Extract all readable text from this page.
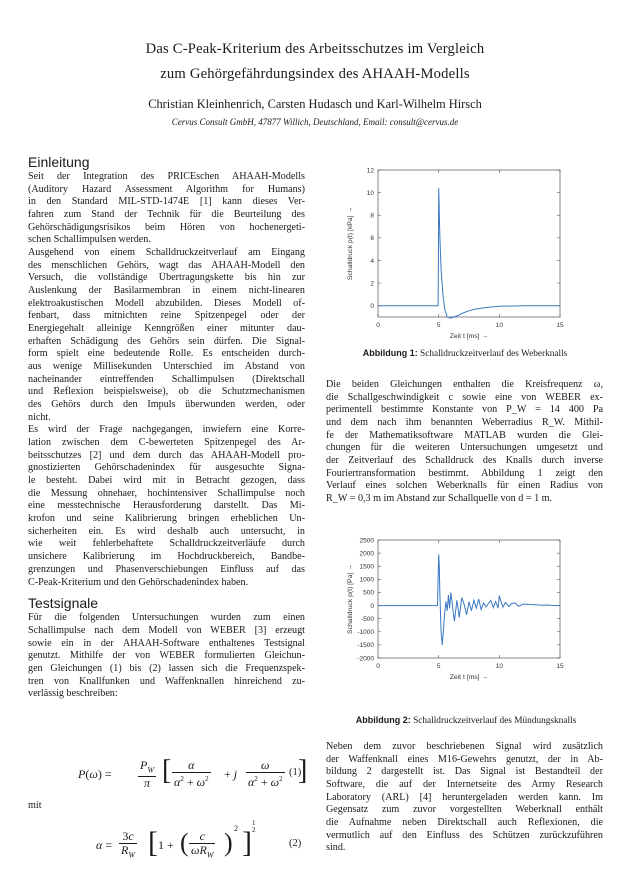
Das C-Peak-Kriterium des Arbeitsschutzes im Vergleich
zum Gehörgefährdungsindex des AHAAH-Modells
Christian Kleinhenrich, Carsten Hudasch und Karl-Wilhelm Hirsch
Cervus Consult GmbH, 47877 Willich, Deutschland, Email: consult@cervus.de
Einleitung
Seit der Integration des PRICEschen AHAAH-Modells
(Auditory Hazard Assessment Algorithm for Humans)
in den Standard MIL-STD-1474E [1] kann dieses Ver-
fahren zum Stand der Technik für die Beurteilung des
Gehörschädigungsrisikos beim Hören von hochenergeti-
schen Schallimpulsen werden.
Ausgehend von einem Schalldruckzeitverlauf am Eingang
des menschlichen Gehörs, wagt das AHAAH-Modell den
Versuch, die vollständige Übertragungskette bis hin zur
Auslenkung der Basilarmembran in einem nicht-linearen
elektroakustischen Modell abzubilden. Dieses Modell of-
fenbart, dass mitnichten reine Spitzenpegel oder der
Energiegehalt alleinige Kenngrößen einer mitunter dau-
erhaften Schädigung des Gehörs sein dürfen. Die Signal-
form spielt eine bedeutende Rolle. Es entscheiden durch-
aus wenige Millisekunden Unterschied im Abstand von
nacheinander eintreffenden Schallimpulsen (Direktschall
und Reflexion beispielsweise), ob die Schutzmechanismen
des Gehörs durch den Impuls überwunden werden, oder
nicht.
Es wird der Frage nachgegangen, inwiefern eine Korre-
lation zwischen dem C-bewerteten Spitzenpegel des Ar-
beitsschutzes [2] und dem durch das AHAAH-Modell pro-
gnostizierten Gehörschadenindex für ausgesuchte Signa-
le besteht. Dabei wird mit in Betracht gezogen, dass
die Messung ohnehaer, hochintensiver Schallimpulse noch
eine messtechnische Herausforderung darstellt. Das Mi-
krofon und seine Kalibrierung bringen erheblichen Un-
sicherheiten ein. Es wird deshalb auch untersucht, in
wie weit fehlerbehaftete Schalldruckzeitverläufe durch
unsichere Kalibrierung im Hochdruckbereich, Bandbe-
grenzungen und Phasenverschiebungen Einfluss auf das
C-Peak-Kriterium und den Gehörschadenindex haben.
Testsignale
Für die folgenden Untersuchungen wurden zum einen
Schallimpulse nach dem Modell von WEBER [3] erzeugt
sowie ein in der AHAAH-Software enthaltenes Testsignal
genutzt. Mithilfe der von WEBER formulierten Gleichun-
gen Gleichungen (1) bis (2) lassen sich die Frequenzspek-
tren von Knallfunken und Waffenknallen hinreichend zu-
verlässig beschreiben:
$P(\omega) = \frac{P_W}{\pi}$ [ $\frac{\alpha}{\alpha^2 + \omega^2} + j \frac{\omega}{\alpha^2 + \omega^2}$ ]
(1)
mit
$\alpha = \frac{3c}{R_W}$ [ 1 + ( c
$\omega R_W$ ) 2 ]
1
2
(2)
0	5	10	15
0
2
4
6
8
10
12
Zeit t [ms] →
Schalldruck p(t) [kPa] →
Abbildung 1: Schalldruckzeitverlauf des Weberknalls
Die beiden Gleichungen enthalten die Kreisfrequenz ω,
die Schallgeschwindigkeit c sowie eine von WEBER ex-
perimentell bestimmte Konstante von P_W = 14 400 Pa
und dem nach ihm benannten Weberradius R_W. Mithil-
fe der Mathematiksoftware MATLAB wurden die Glei-
chungen für die weiteren Untersuchungen umgesetzt und
der Zeitverlauf des Schalldruck des Knalls durch inverse
Fouriertransformation bestimmt. Abbildung 1 zeigt den
Verlauf eines solchen Weberknalls für einen Radius von
R_W = 0,3 m im Abstand zur Schallquelle von d = 1 m.
0	5	10	15
-2000
-1500
-1000
-500
0
500
1000
1500
2000
2500
Zeit t [ms] →
Schalldruck p(t) [Pa] →
Abbildung 2: Schalldruckzeitverlauf des Mündungsknalls
Neben dem zuvor beschriebenen Signal wird zusätzlich
der Waffenknall eines M16-Gewehrs genutzt, der in Ab-
bildung 2 dargestellt ist. Das Signal ist Bestandteil der
Software, die auf der Internetseite des Army Research
Laboratory (ARL) [4] heruntergeladen werden kann. Im
Gegensatz zum zuvor vorgestellten Weberknall enthält
die Aufnahme neben Direktschall auch Reflexionen, die
vermutlich auf den Einfluss des Schützen zurückzuführen
sind.
